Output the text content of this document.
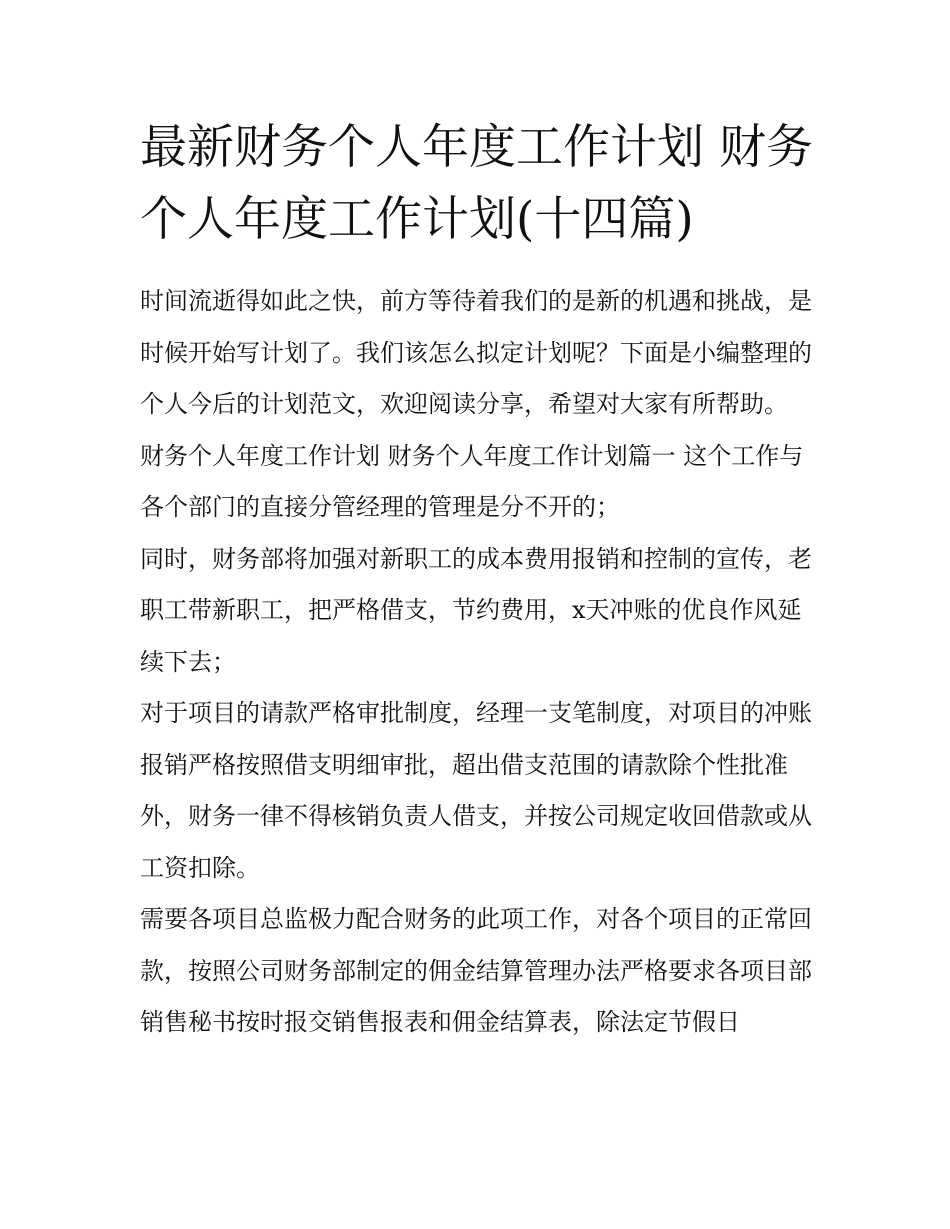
最新财务个人年度工作计划 财务个人年度工作计划(十四篇)

时间流逝得如此之快，前方等待着我们的是新的机遇和挑战，是时候开始写计划了。我们该怎么拟定计划呢？下面是小编整理的个人今后的计划范文，欢迎阅读分享，希望对大家有所帮助。

财务个人年度工作计划 财务个人年度工作计划篇一 这个工作与各个部门的直接分管经理的管理是分不开的；

同时，财务部将加强对新职工的成本费用报销和控制的宣传，老职工带新职工，把严格借支，节约费用，x天冲账的优良作风延续下去；

对于项目的请款严格审批制度，经理一支笔制度，对项目的冲账报销严格按照借支明细审批，超出借支范围的请款除个性批准外，财务一律不得核销负责人借支，并按公司规定收回借款或从工资扣除。

需要各项目总监极力配合财务的此项工作，对各个项目的正常回款，按照公司财务部制定的佣金结算管理办法严格要求各项目部销售秘书按时报交销售报表和佣金结算表，除法定节假日
